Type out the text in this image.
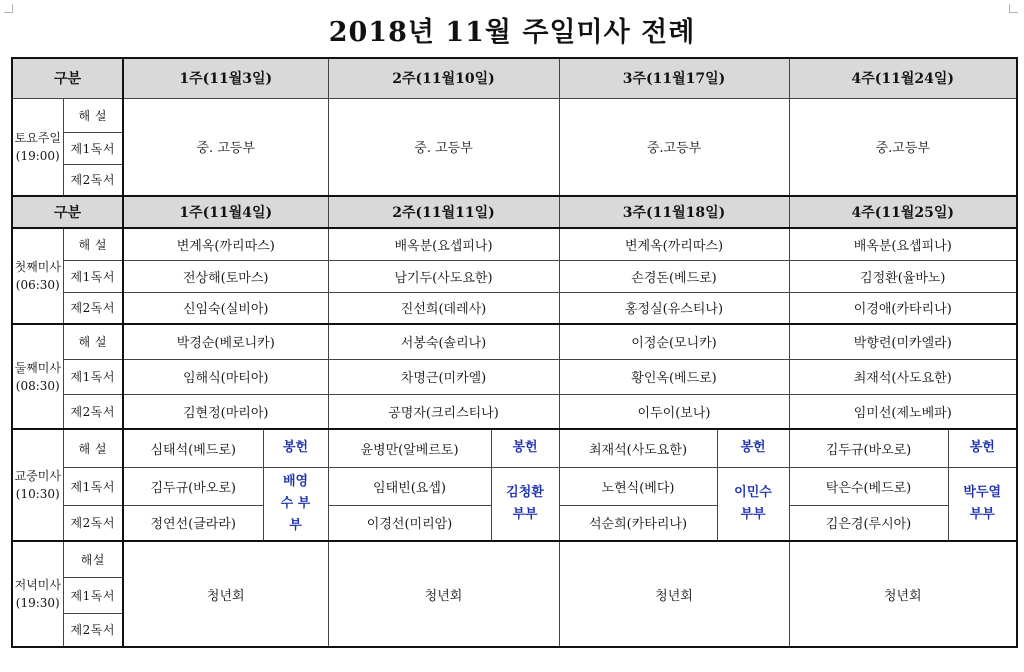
2018년 11월 주일미사 전례
구분		1주(11월3일)		2주(11월10일)		3주(11월17일)		4주(11월24일)	
토요주일
(19:00)	해 설	중. 고등부		중. 고등부		중.고등부		중.고등부	
	제1독서								
	제2독서								
구분		1주(11월4일)		2주(11월11일)		3주(11월18일)		4주(11월25일)	
첫째미사
(06:30)	해 설	변계옥(까리따스)		배옥분(요셉피나)		변계옥(까리따스)		배옥분(요셉피나)	
	제1독서	전상해(토마스)		남기두(사도요한)		손경돈(베드로)		김정환(율바노)	
	제2독서	신임숙(실비아)		진선희(데레사)		홍정실(유스티나)		이경애(카타리나)	
둘째미사
(08:30)	해 설	박경순(베로니카)		서봉숙(솔리나)		이정순(모니카)		박향련(미카엘라)	
	제1독서	임해식(마티아)		차명근(미카엘)		황인옥(베드로)		최재석(사도요한)	
	제2독서	김현정(마리아)		공명자(크리스티나)		이두이(보나)		임미선(제노베파)	
교중미사
(10:30)	해 설	심태석(베드로)	봉헌	윤병만(알베르토)	봉헌	최재석(사도요한)	봉헌	김두규(바오로)	봉헌
	제1독서	김두규(바오로)	배영수 부부	임태빈(요셉)	김청환 부부	노현식(베다)	이민수 부부	탁은수(베드로)	박두열 부부
	제2독서	정연선(글라라)		이경선(미리암)		석순희(카타리나)		김은경(루시아)	
저녁미사
(19:30)	해설	청년회		청년회		청년회		청년회	
	제1독서								
	제2독서								
